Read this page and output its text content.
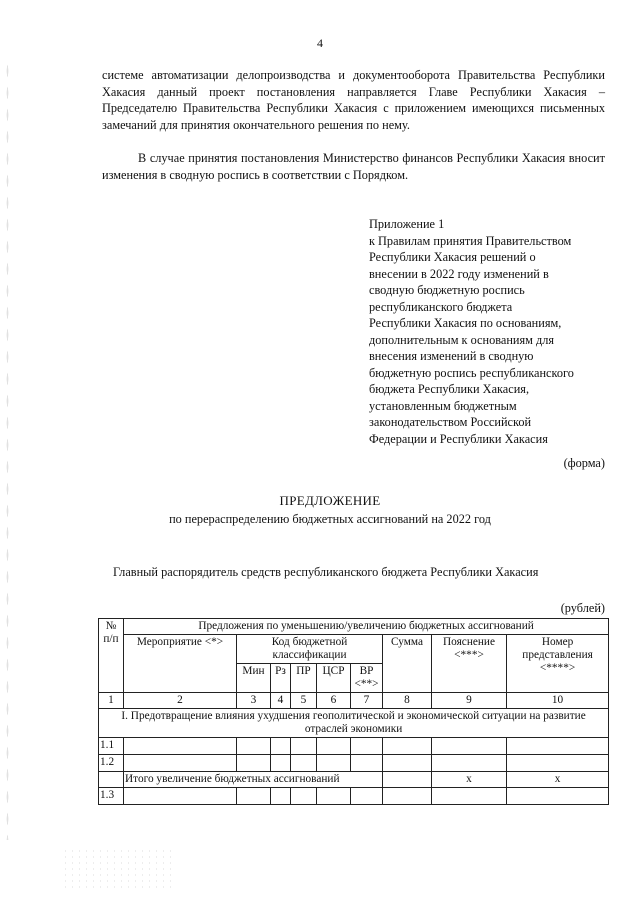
4
системе автоматизации делопроизводства и документооборота Правительства Республики Хакасия данный проект постановления направляется Главе Республики Хакасия – Председателю Правительства Республики Хакасия с приложением имеющихся письменных замечаний для принятия окончательного решения по нему.
В случае принятия постановления Министерство финансов Республики Хакасия вносит изменения в сводную роспись в соответствии с Порядком.
Приложение 1
к Правилам принятия Правительством
Республики Хакасия решений о
внесении в 2022 году изменений в
сводную бюджетную роспись
республиканского бюджета
Республики Хакасия по основаниям,
дополнительным к основаниям для
внесения изменений в сводную
бюджетную роспись республиканского
бюджета Республики Хакасия,
установленным бюджетным
законодательством Российской
Федерации и Республики Хакасия
(форма)
ПРЕДЛОЖЕНИЕ
по перераспределению бюджетных ассигнований на 2022 год
Главный распорядитель средств республиканского бюджета Республики Хакасия
(рублей)
№ п/п	Предложения по уменьшению/увеличению бюджетных ассигнований								
	Мероприятие <*>	Код бюджетной классификации					Сумма	Пояснение <***>	Номер представления <****>
		Мин	Рз	ПР	ЦСР	ВР <**>			
1	2	3	4	5	6	7	8	9	10
I. Предотвращение влияния ухудшения геополитической и экономической ситуации на развитие отраслей экономики									
1.1									
1.2									
	Итого увеличение бюджетных ассигнований							x	x
1.3									
